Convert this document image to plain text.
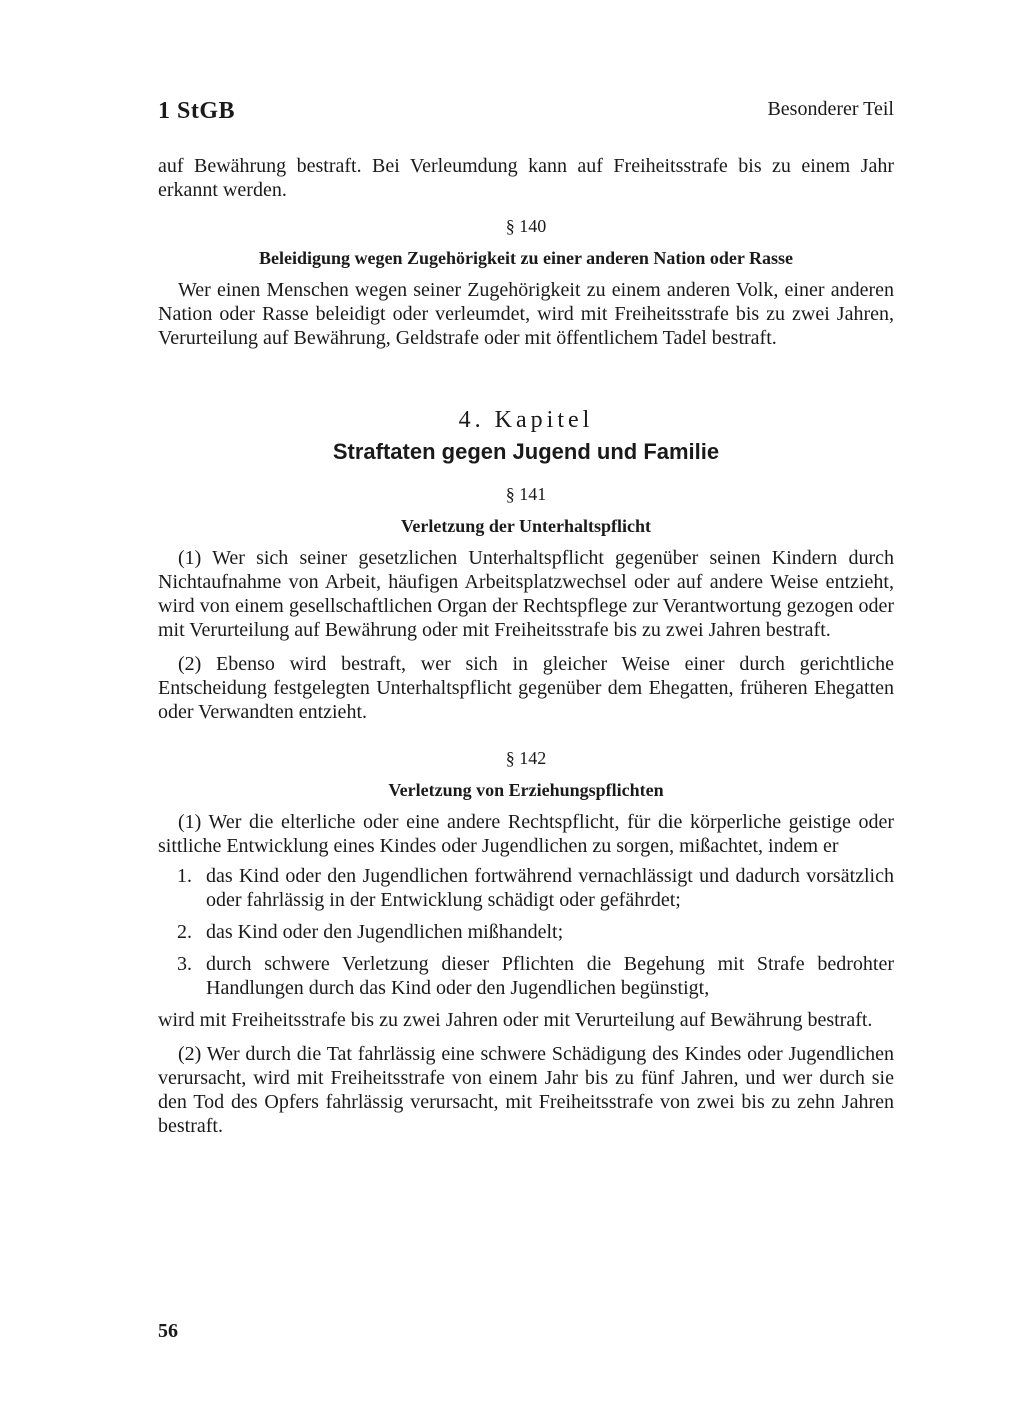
1 StGB	Besonderer Teil

auf Bewährung bestraft. Bei Verleumdung kann auf Freiheitsstrafe bis zu einem Jahr erkannt werden.

§ 140
Beleidigung wegen Zugehörigkeit zu einer anderen Nation oder Rasse

Wer einen Menschen wegen seiner Zugehörigkeit zu einem anderen Volk, einer anderen Nation oder Rasse beleidigt oder verleumdet, wird mit Freiheitsstrafe bis zu zwei Jahren, Verurteilung auf Bewährung, Geldstrafe oder mit öffentlichem Tadel bestraft.

4. Kapitel
Straftaten gegen Jugend und Familie
§ 141
Verletzung der Unterhaltspflicht

(1) Wer sich seiner gesetzlichen Unterhaltspflicht gegenüber seinen Kindern durch Nichtaufnahme von Arbeit, häufigen Arbeitsplatzwechsel oder auf andere Weise entzieht, wird von einem gesellschaftlichen Organ der Rechtspflege zur Verantwortung gezogen oder mit Verurteilung auf Bewährung oder mit Freiheitsstrafe bis zu zwei Jahren bestraft.

(2) Ebenso wird bestraft, wer sich in gleicher Weise einer durch gerichtliche Entscheidung festgelegten Unterhaltspflicht gegenüber dem Ehegatten, früheren Ehegatten oder Verwandten entzieht.

§ 142
Verletzung von Erziehungspflichten

(1) Wer die elterliche oder eine andere Rechtspflicht, für die körperliche geistige oder sittliche Entwicklung eines Kindes oder Jugendlichen zu sorgen, mißachtet, indem er

1. das Kind oder den Jugendlichen fortwährend vernachlässigt und dadurch vorsätzlich oder fahrlässig in der Entwicklung schädigt oder gefährdet;
2. das Kind oder den Jugendlichen mißhandelt;
3. durch schwere Verletzung dieser Pflichten die Begehung mit Strafe bedrohter Handlungen durch das Kind oder den Jugendlichen begünstigt,

wird mit Freiheitsstrafe bis zu zwei Jahren oder mit Verurteilung auf Bewährung bestraft.

(2) Wer durch die Tat fahrlässig eine schwere Schädigung des Kindes oder Jugendlichen verursacht, wird mit Freiheitsstrafe von einem Jahr bis zu fünf Jahren, und wer durch sie den Tod des Opfers fahrlässig verursacht, mit Freiheitsstrafe von zwei bis zu zehn Jahren bestraft.

56
